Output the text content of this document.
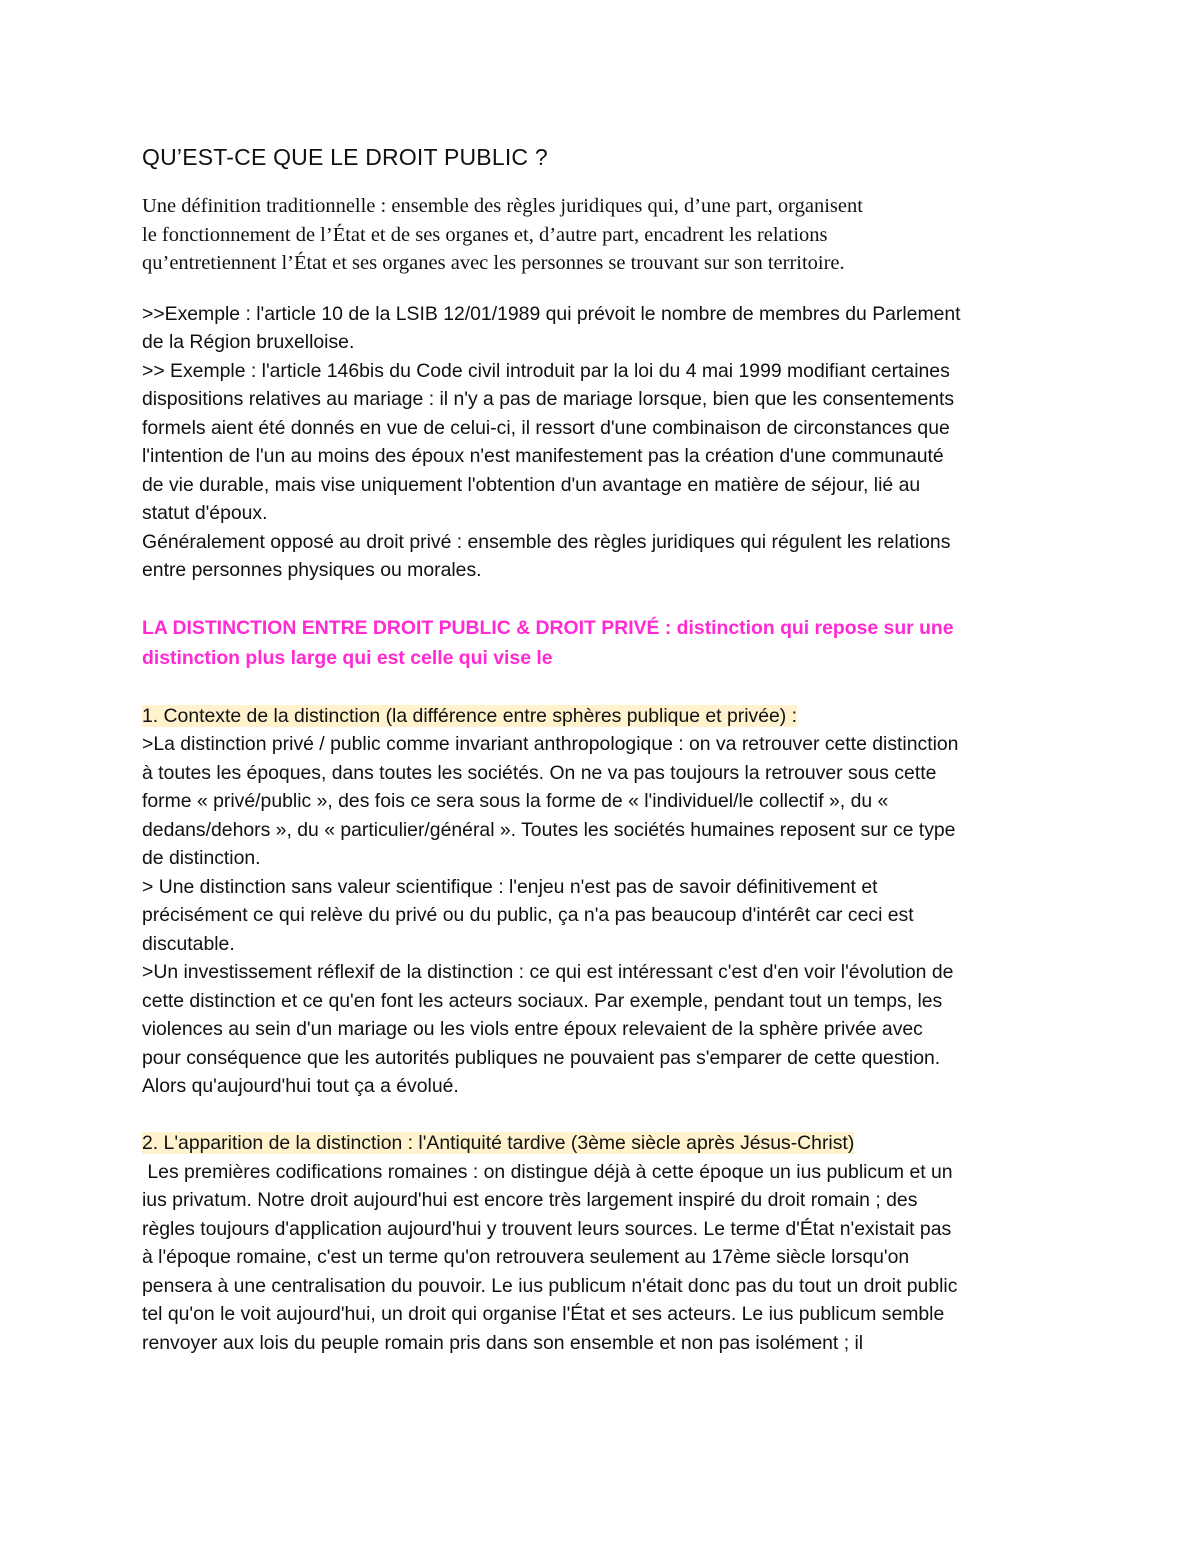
QU’EST-CE QUE LE DROIT PUBLIC ?
Une définition traditionnelle : ensemble des règles juridiques qui, d’une part, organisent
le fonctionnement de l’État et de ses organes et, d’autre part, encadrent les relations
qu’entretiennent l’État et ses organes avec les personnes se trouvant sur son territoire.
>>Exemple : l'article 10 de la LSIB 12/01/1989 qui prévoit le nombre de membres du Parlement
de la Région bruxelloise.
>> Exemple : l'article 146bis du Code civil introduit par la loi du 4 mai 1999 modifiant certaines
dispositions relatives au mariage : il n'y a pas de mariage lorsque, bien que les consentements
formels aient été donnés en vue de celui-ci, il ressort d'une combinaison de circonstances que
l'intention de l'un au moins des époux n'est manifestement pas la création d'une communauté
de vie durable, mais vise uniquement l'obtention d'un avantage en matière de séjour, lié au
statut d'époux.
Généralement opposé au droit privé : ensemble des règles juridiques qui régulent les relations
entre personnes physiques ou morales.
LA DISTINCTION ENTRE DROIT PUBLIC & DROIT PRIVÉ : distinction qui repose sur une
distinction plus large qui est celle qui vise le
1. Contexte de la distinction (la différence entre sphères publique et privée) :
>La distinction privé / public comme invariant anthropologique : on va retrouver cette distinction
à toutes les époques, dans toutes les sociétés. On ne va pas toujours la retrouver sous cette
forme « privé/public », des fois ce sera sous la forme de « l'individuel/le collectif », du «
dedans/dehors », du « particulier/général ». Toutes les sociétés humaines reposent sur ce type
de distinction.
> Une distinction sans valeur scientifique : l'enjeu n'est pas de savoir définitivement et
précisément ce qui relève du privé ou du public, ça n'a pas beaucoup d'intérêt car ceci est
discutable.
>Un investissement réflexif de la distinction : ce qui est intéressant c'est d'en voir l'évolution de
cette distinction et ce qu'en font les acteurs sociaux. Par exemple, pendant tout un temps, les
violences au sein d'un mariage ou les viols entre époux relevaient de la sphère privée avec
pour conséquence que les autorités publiques ne pouvaient pas s'emparer de cette question.
Alors qu'aujourd'hui tout ça a évolué.
2. L'apparition de la distinction : l'Antiquité tardive (3ème siècle après Jésus-Christ)
Les premières codifications romaines : on distingue déjà à cette époque un ius publicum et un
ius privatum. Notre droit aujourd'hui est encore très largement inspiré du droit romain ; des
règles toujours d'application aujourd'hui y trouvent leurs sources. Le terme d'État n'existait pas
à l'époque romaine, c'est un terme qu'on retrouvera seulement au 17ème siècle lorsqu'on
pensera à une centralisation du pouvoir. Le ius publicum n'était donc pas du tout un droit public
tel qu'on le voit aujourd'hui, un droit qui organise l'État et ses acteurs. Le ius publicum semble
renvoyer aux lois du peuple romain pris dans son ensemble et non pas isolément ; il
